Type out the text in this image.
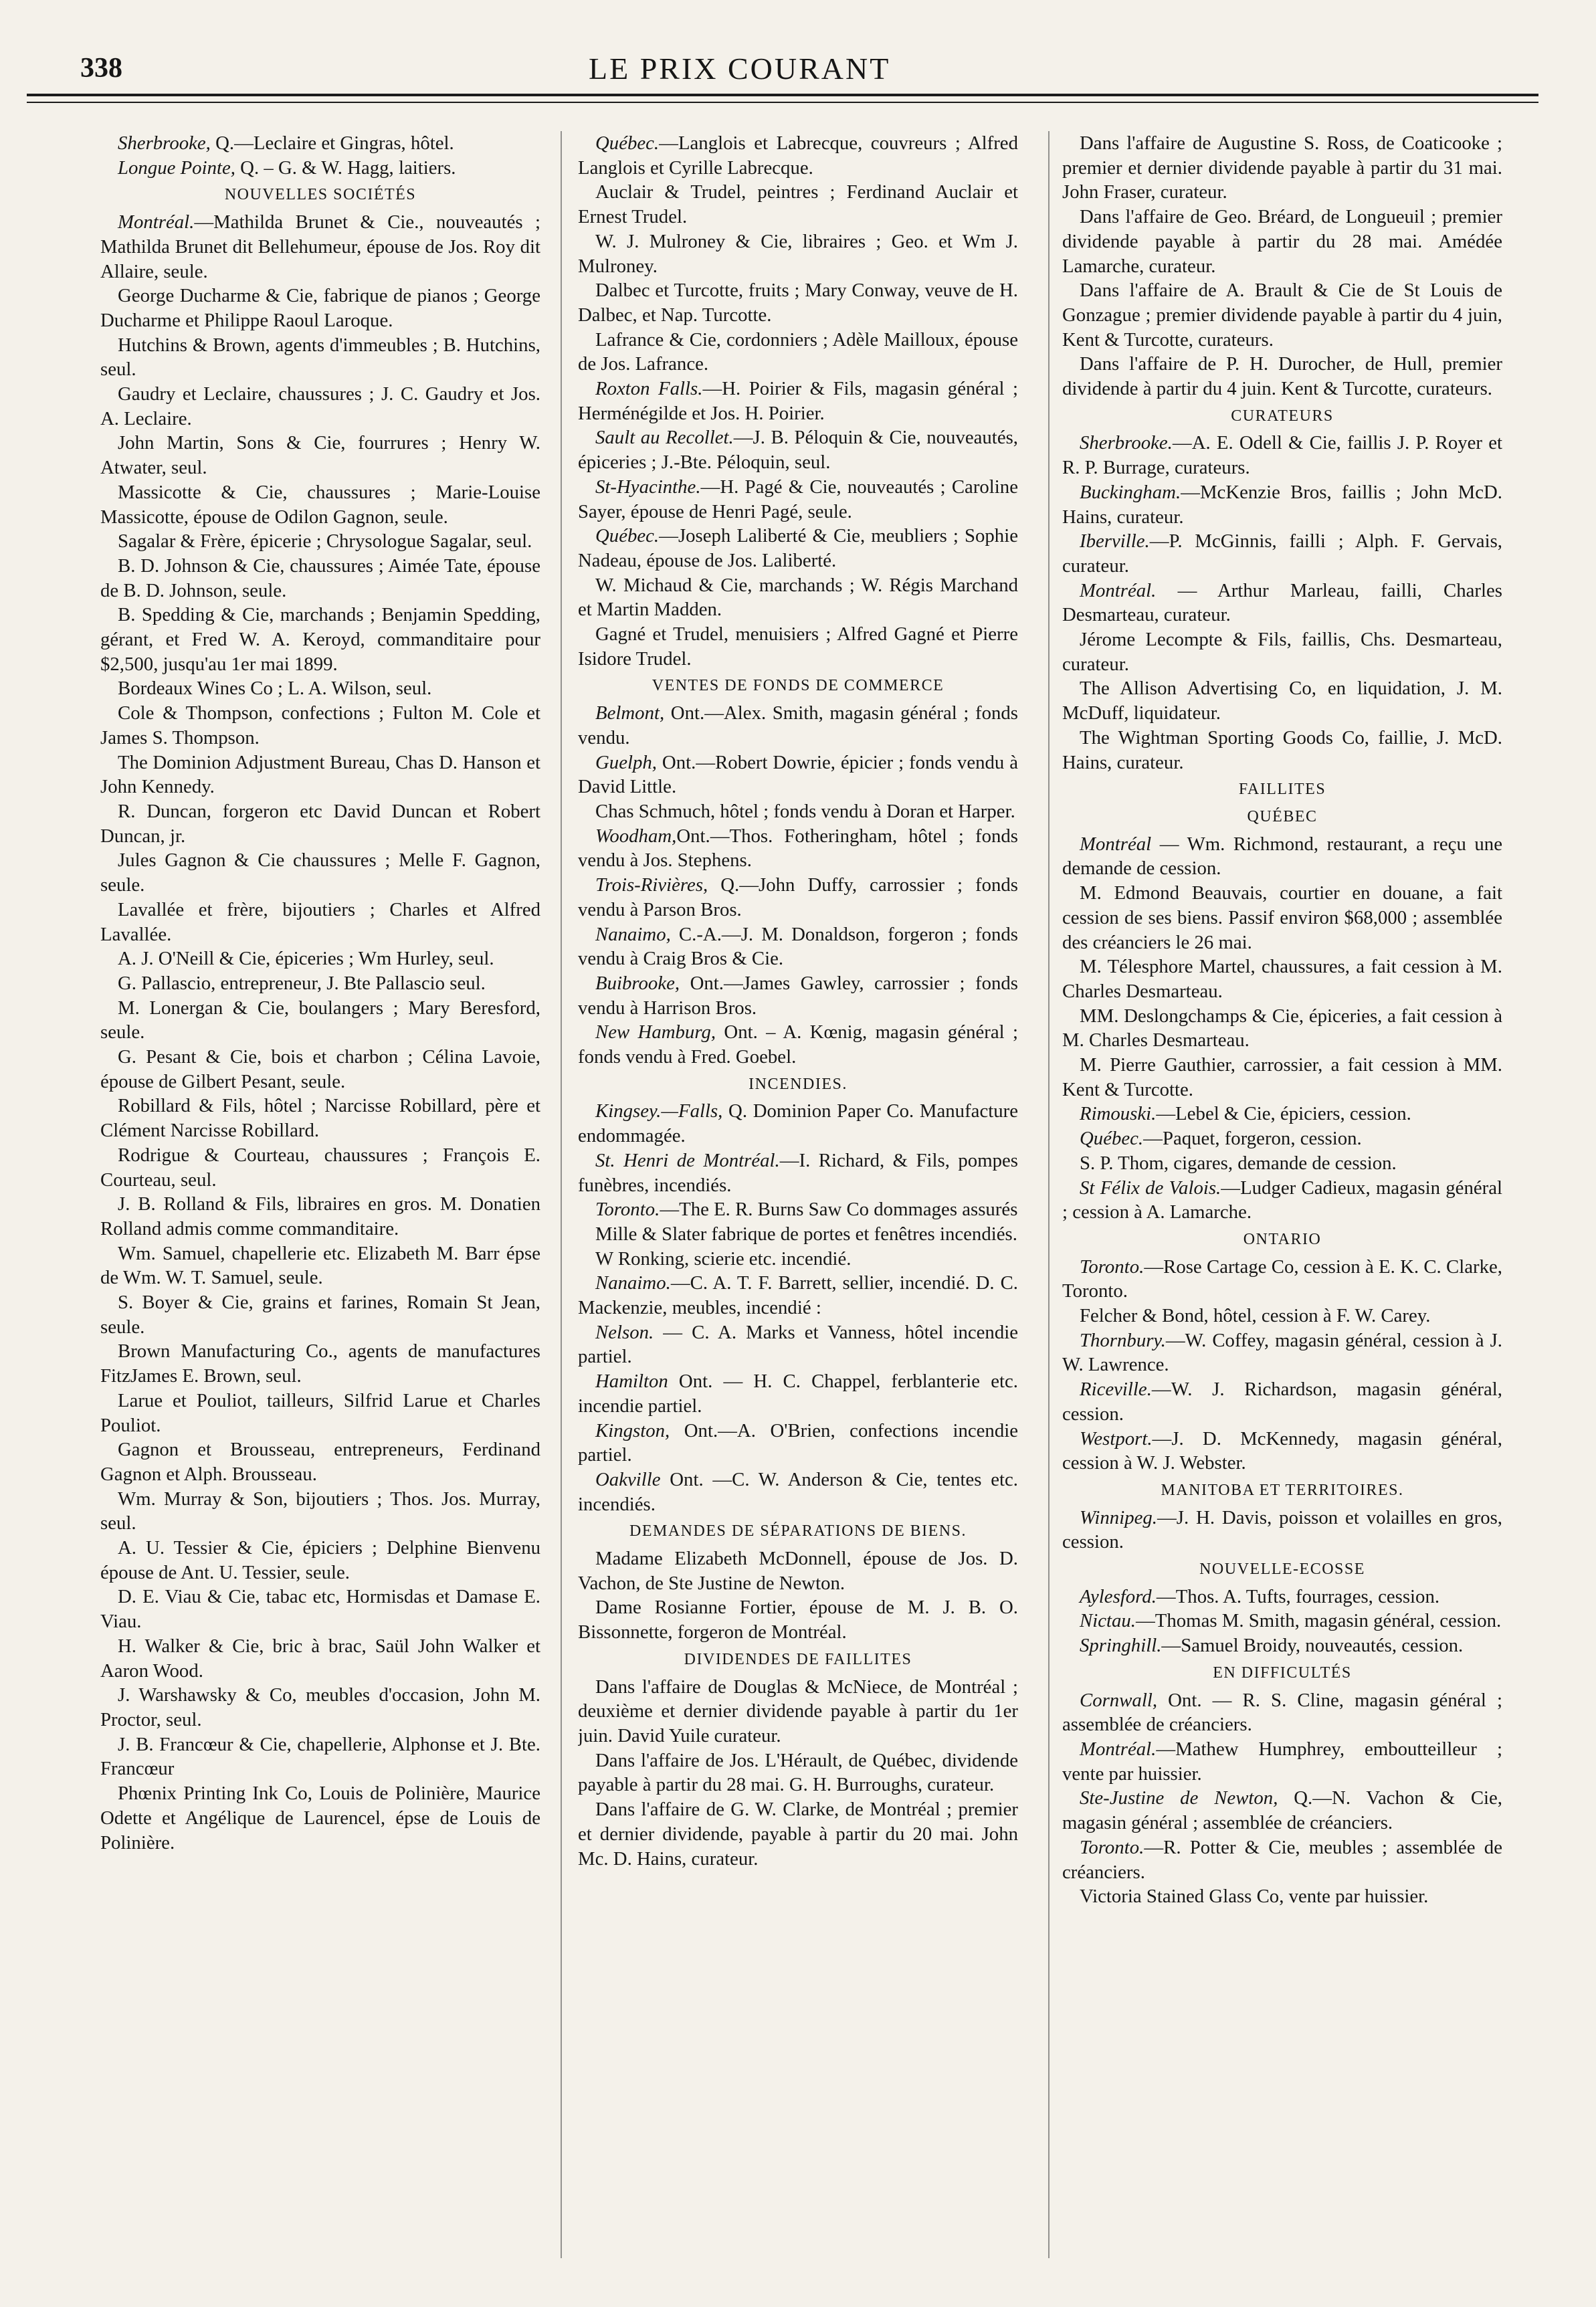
338	LE PRIX COURANT

Sherbrooke, Q.—Leclaire et Gingras, hôtel.

Longue Pointe, Q. – G. & W. Hagg, laitiers.

NOUVELLES SOCIÉTÉS

Montréal.—Mathilda Brunet & Cie., nouveautés ; Mathilda Brunet dit Bellehumeur, épouse de Jos. Roy dit Allaire, seule.

George Ducharme & Cie, fabrique de pianos ; George Ducharme et Philippe Raoul Laroque.

Hutchins & Brown, agents d'immeubles ; B. Hutchins, seul.

Gaudry et Leclaire, chaussures ; J. C. Gaudry et Jos. A. Leclaire.

John Martin, Sons & Cie, fourrures ; Henry W. Atwater, seul.

Massicotte & Cie, chaussures ; Marie-Louise Massicotte, épouse de Odilon Gagnon, seule.

Sagalar & Frère, épicerie ; Chrysologue Sagalar, seul.

B. D. Johnson & Cie, chaussures ; Aimée Tate, épouse de B. D. Johnson, seule.

B. Spedding & Cie, marchands ; Benjamin Spedding, gérant, et Fred W. A. Keroyd, commanditaire pour $2,500, jusqu'au 1er mai 1899.

Bordeaux Wines Co ; L. A. Wilson, seul.

Cole & Thompson, confections ; Fulton M. Cole et James S. Thompson.

The Dominion Adjustment Bureau, Chas D. Hanson et John Kennedy.

R. Duncan, forgeron etc David Duncan et Robert Duncan, jr.

Jules Gagnon & Cie chaussures ; Melle F. Gagnon, seule.

Lavallée et frère, bijoutiers ; Charles et Alfred Lavallée.

A. J. O'Neill & Cie, épiceries ; Wm Hurley, seul.

G. Pallascio, entrepreneur, J. Bte Pallascio seul.

M. Lonergan & Cie, boulangers ; Mary Beresford, seule.

G. Pesant & Cie, bois et charbon ; Célina Lavoie, épouse de Gilbert Pesant, seule.

Robillard & Fils, hôtel ; Narcisse Robillard, père et Clément Narcisse Robillard.

Rodrigue & Courteau, chaussures ; François E. Courteau, seul.

J. B. Rolland & Fils, libraires en gros. M. Donatien Rolland admis comme commanditaire.

Wm. Samuel, chapellerie etc. Elizabeth M. Barr épse de Wm. W. T. Samuel, seule.

S. Boyer & Cie, grains et farines, Romain St Jean, seule.

Brown Manufacturing Co., agents de manufactures FitzJames E. Brown, seul.

Larue et Pouliot, tailleurs, Silfrid Larue et Charles Pouliot.

Gagnon et Brousseau, entrepreneurs, Ferdinand Gagnon et Alph. Brousseau.

Wm. Murray & Son, bijoutiers ; Thos. Jos. Murray, seul.

A. U. Tessier & Cie, épiciers ; Delphine Bienvenu épouse de Ant. U. Tessier, seule.

D. E. Viau & Cie, tabac etc, Hormisdas et Damase E. Viau.

H. Walker & Cie, bric à brac, Saül John Walker et Aaron Wood.

J. Warshawsky & Co, meubles d'occasion, John M. Proctor, seul.

J. B. Francœur & Cie, chapellerie, Alphonse et J. Bte. Francœur

Phœnix Printing Ink Co, Louis de Polinière, Maurice Odette et Angélique de Laurencel, épse de Louis de Polinière.

Québec.—Langlois et Labrecque, couvreurs ; Alfred Langlois et Cyrille Labrecque.

Auclair & Trudel, peintres ; Ferdinand Auclair et Ernest Trudel.

W. J. Mulroney & Cie, libraires ; Geo. et Wm J. Mulroney.

Dalbec et Turcotte, fruits ; Mary Conway, veuve de H. Dalbec, et Nap. Turcotte.

Lafrance & Cie, cordonniers ; Adèle Mailloux, épouse de Jos. Lafrance.

Roxton Falls.—H. Poirier & Fils, magasin général ; Herménégilde et Jos. H. Poirier.

Sault au Recollet.—J. B. Péloquin & Cie, nouveautés, épiceries ; J.-Bte. Péloquin, seul.

St-Hyacinthe.—H. Pagé & Cie, nouveautés ; Caroline Sayer, épouse de Henri Pagé, seule.

Québec.—Joseph Laliberté & Cie, meubliers ; Sophie Nadeau, épouse de Jos. Laliberté.

W. Michaud & Cie, marchands ; W. Régis Marchand et Martin Madden.

Gagné et Trudel, menuisiers ; Alfred Gagné et Pierre Isidore Trudel.

VENTES DE FONDS DE COMMERCE

Belmont, Ont.—Alex. Smith, magasin général ; fonds vendu.

Guelph, Ont.—Robert Dowrie, épicier ; fonds vendu à David Little.

Chas Schmuch, hôtel ; fonds vendu à Doran et Harper.

Woodham,Ont.—Thos. Fotheringham, hôtel ; fonds vendu à Jos. Stephens.

Trois-Rivières, Q.—John Duffy, carrossier ; fonds vendu à Parson Bros.

Nanaimo, C.-A.—J. M. Donaldson, forgeron ; fonds vendu à Craig Bros & Cie.

Buibrooke, Ont.—James Gawley, carrossier ; fonds vendu à Harrison Bros.

New Hamburg, Ont. – A. Kœnig, magasin général ; fonds vendu à Fred. Goebel.

INCENDIES.

Kingsey.—Falls, Q. Dominion Paper Co. Manufacture endommagée.

St. Henri de Montréal.—I. Richard, & Fils, pompes funèbres, incendiés.

Toronto.—The E. R. Burns Saw Co dommages assurés

Mille & Slater fabrique de portes et fenêtres incendiés.

W Ronking, scierie etc. incendié.

Nanaimo.—C. A. T. F. Barrett, sellier, incendié. D. C. Mackenzie, meubles, incendié :

Nelson. — C. A. Marks et Vanness, hôtel incendie partiel.

Hamilton Ont. — H. C. Chappel, ferblanterie etc. incendie partiel.

Kingston, Ont.—A. O'Brien, confections incendie partiel.

Oakville Ont. —C. W. Anderson & Cie, tentes etc. incendiés.

DEMANDES DE SÉPARATIONS DE BIENS.

Madame Elizabeth McDonnell, épouse de Jos. D. Vachon, de Ste Justine de Newton.

Dame Rosianne Fortier, épouse de M. J. B. O. Bissonnette, forgeron de Montréal.

DIVIDENDES DE FAILLITES

Dans l'affaire de Douglas & McNiece, de Montréal ; deuxième et dernier dividende payable à partir du 1er juin. David Yuile curateur.

Dans l'affaire de Jos. L'Hérault, de Québec, dividende payable à partir du 28 mai. G. H. Burroughs, curateur.

Dans l'affaire de G. W. Clarke, de Montréal ; premier et dernier dividende, payable à partir du 20 mai. John Mc. D. Hains, curateur.

Dans l'affaire de Augustine S. Ross, de Coaticooke ; premier et dernier dividende payable à partir du 31 mai. John Fraser, curateur.

Dans l'affaire de Geo. Bréard, de Longueuil ; premier dividende payable à partir du 28 mai. Amédée Lamarche, curateur.

Dans l'affaire de A. Brault & Cie de St Louis de Gonzague ; premier dividende payable à partir du 4 juin, Kent & Turcotte, curateurs.

Dans l'affaire de P. H. Durocher, de Hull, premier dividende à partir du 4 juin. Kent & Turcotte, curateurs.

CURATEURS

Sherbrooke.—A. E. Odell & Cie, faillis J. P. Royer et R. P. Burrage, curateurs.

Buckingham.—McKenzie Bros, faillis ; John McD. Hains, curateur.

Iberville.—P. McGinnis, failli ; Alph. F. Gervais, curateur.

Montréal. — Arthur Marleau, failli, Charles Desmarteau, curateur.

Jérome Lecompte & Fils, faillis, Chs. Desmarteau, curateur.

The Allison Advertising Co, en liquidation, J. M. McDuff, liquidateur.

The Wightman Sporting Goods Co, faillie, J. McD. Hains, curateur.

FAILLITES
QUÉBEC

Montréal — Wm. Richmond, restaurant, a reçu une demande de cession.

M. Edmond Beauvais, courtier en douane, a fait cession de ses biens. Passif environ $68,000 ; assemblée des créanciers le 26 mai.

M. Télesphore Martel, chaussures, a fait cession à M. Charles Desmarteau.

MM. Deslongchamps & Cie, épiceries, a fait cession à M. Charles Desmarteau.

M. Pierre Gauthier, carrossier, a fait cession à MM. Kent & Turcotte.

Rimouski.—Lebel & Cie, épiciers, cession.

Québec.—Paquet, forgeron, cession.

S. P. Thom, cigares, demande de cession.

St Félix de Valois.—Ludger Cadieux, magasin général ; cession à A. Lamarche.

ONTARIO

Toronto.—Rose Cartage Co, cession à E. K. C. Clarke, Toronto.

Felcher & Bond, hôtel, cession à F. W. Carey.

Thornbury.—W. Coffey, magasin général, cession à J. W. Lawrence.

Riceville.—W. J. Richardson, magasin général, cession.

Westport.—J. D. McKennedy, magasin général, cession à W. J. Webster.

MANITOBA ET TERRITOIRES.

Winnipeg.—J. H. Davis, poisson et volailles en gros, cession.

NOUVELLE-ECOSSE

Aylesford.—Thos. A. Tufts, fourrages, cession.

Nictau.—Thomas M. Smith, magasin général, cession.

Springhill.—Samuel Broidy, nouveautés, cession.

EN DIFFICULTÉS

Cornwall, Ont. — R. S. Cline, magasin général ; assemblée de créanciers.

Montréal.—Mathew Humphrey, emboutteilleur ; vente par huissier.

Ste-Justine de Newton, Q.—N. Vachon & Cie, magasin général ; assemblée de créanciers.

Toronto.—R. Potter & Cie, meubles ; assemblée de créanciers.

Victoria Stained Glass Co, vente par huissier.
